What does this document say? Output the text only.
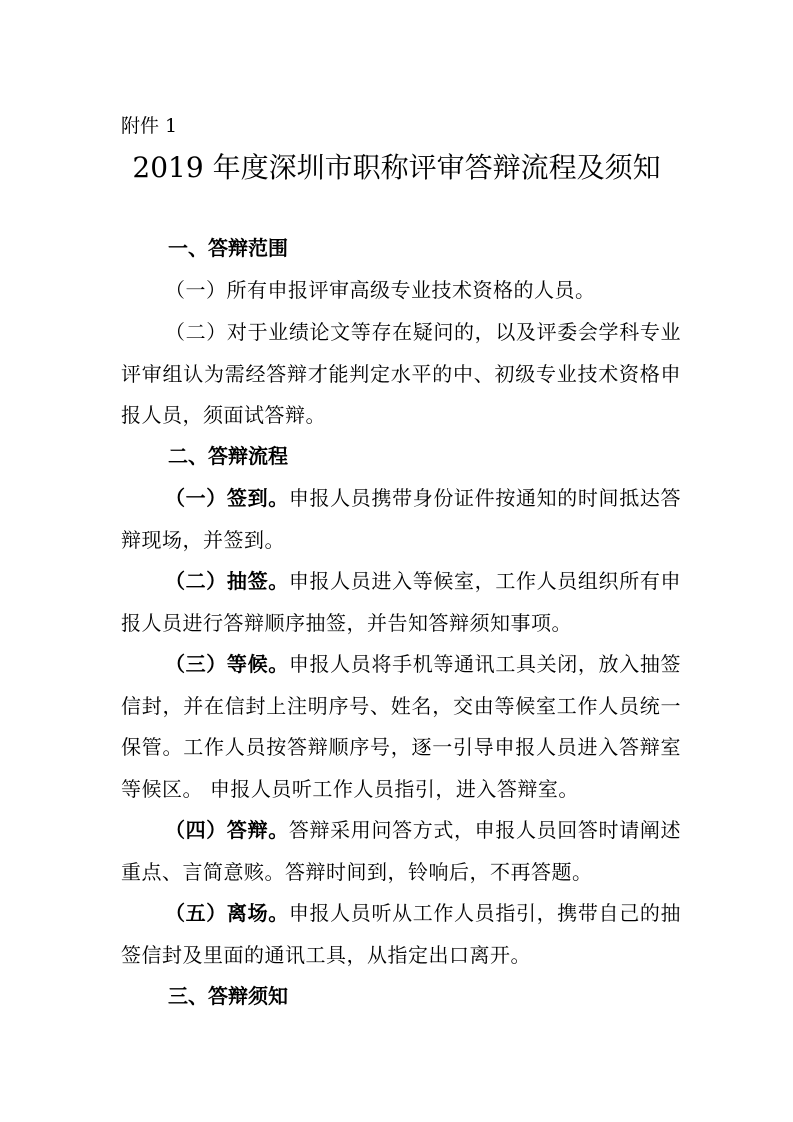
附件 1
2019 年度深圳市职称评审答辩流程及须知
一、答辩范围
（一）所有申报评审高级专业技术资格的人员。
（二）对于业绩论文等存在疑问的，以及评委会学科专业评审组认为需经答辩才能判定水平的中、初级专业技术资格申报人员，须面试答辩。
二、答辩流程
（一）签到。申报人员携带身份证件按通知的时间抵达答辩现场，并签到。
（二）抽签。申报人员进入等候室，工作人员组织所有申报人员进行答辩顺序抽签，并告知答辩须知事项。
（三）等候。申报人员将手机等通讯工具关闭，放入抽签信封，并在信封上注明序号、姓名，交由等候室工作人员统一保管。工作人员按答辩顺序号，逐一引导申报人员进入答辩室等候区。 申报人员听工作人员指引，进入答辩室。
（四）答辩。答辩采用问答方式，申报人员回答时请阐述重点、言简意赅。答辩时间到，铃响后，不再答题。
（五）离场。申报人员听从工作人员指引，携带自己的抽签信封及里面的通讯工具，从指定出口离开。
三、答辩须知
